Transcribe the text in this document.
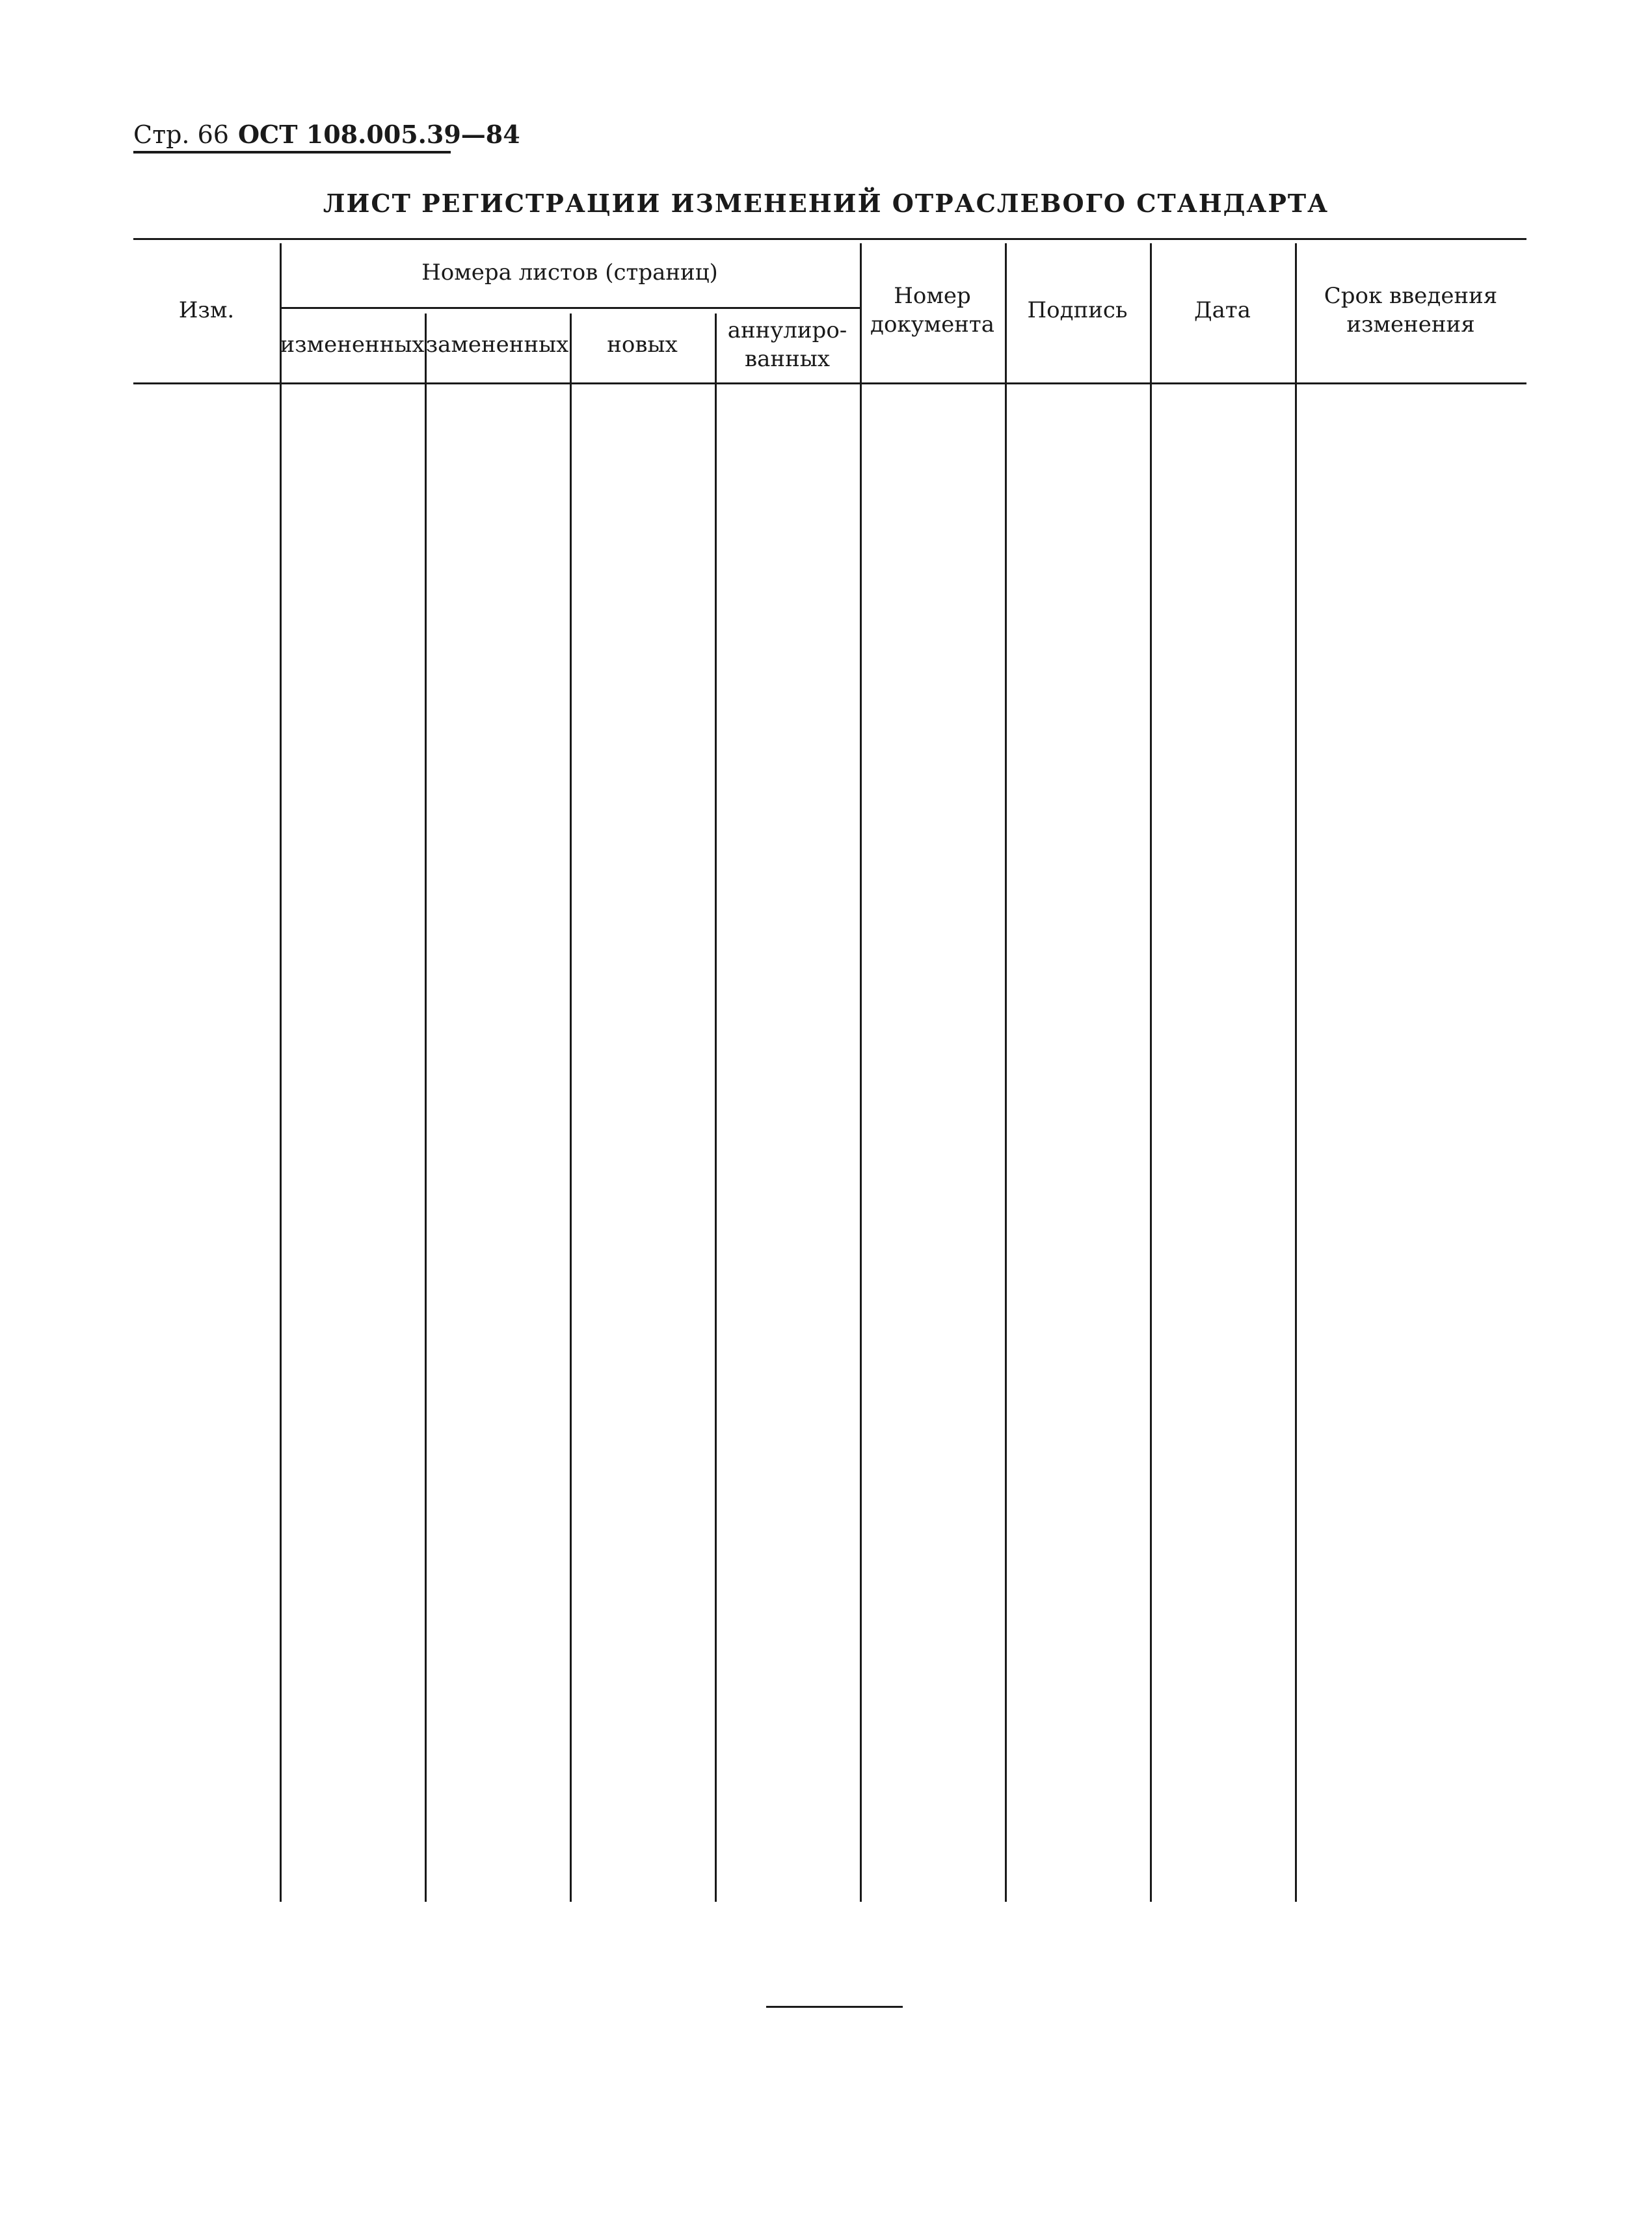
Стр. 66 ОСТ 108.005.39—84
ЛИСТ РЕГИСТРАЦИИ ИЗМЕНЕНИЙ ОТРАСЛЕВОГО СТАНДАРТА
Изм.
Номера листов (страниц)
измененных замененных новых
аннулиро-
ванных
Номер
документа
Подпись	Дата
Срок введения
изменения
